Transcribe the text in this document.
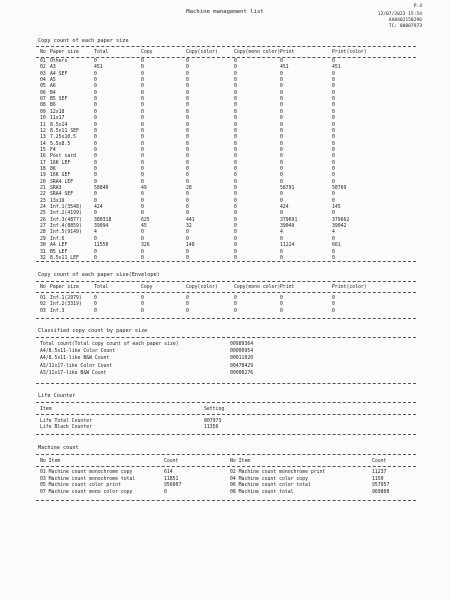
Machine management list
P.4
12/07/2023 15:54
AA0402150296
TC: 00807973
Copy count of each paper size
No Paper size	Total	Copy	Copy(color)	Copy(mono color) Print	Print(color)
01 Others	0	0	0	0	0	0
02 A3	451	0	0	0	451	451
03 A4 SEF	0	0	0	0	0	0
04 A5	0	0	0	0	0	0
05 A6	0	0	0	0	0	0
06 B4	0	0	0	0	0	0
07 B5 SEF	0	0	0	0	0	0
08 B6	0	0	0	0	0	0
09 12x18	0	0	0	0	0	0
10 11x17	0	0	0	0	0	0
11 8.5x14	0	0	0	0	0	0
12 8.5x11 SEF	0	0	0	0	0	0
13 7.25x10.5	0	0	0	0	0	0
14 5.5x8.5	0	0	0	0	0	0
15 F4	0	0	0	0	0	0
16 Post card	0	0	0	0	0	0
17 16K LEF	0	0	0	0	0	0
18 8K	0	0	0	0	0	0
19 16K SEF	0	0	0	0	0	0
20 SRA4 LEF	0	0	0	0	0	0
21 SRA3	58840	49	28	0	58791	58769
22 SRA4 SEF	0	0	0	0	0	0
23 13x19	0	0	0	0	0	0
24 Inf.1(3548)	424	0	0	0	424	145
25 Inf.2(4199)	0	0	0	0	0	0
26 Inf.3(4877)	380318	625	441	0	379691	379662
27 Inf.4(8859)	39094	45	32	0	39049	39042
28 Inf.5(9149)	4	0	0	0	4	4
29 Inf.6	0	0	0	0	0	0
30 A4 LEF	11550	326	148	0	11224	661
31 B5 LEF	0	0	0	0	0	0
32 8.5x11 LEF	0	0	0	0	0	0
Copy count of each paper size(Envelope)
No Paper size	Total	Copy	Copy(color)	Copy(mono color) Print	Print(color)
01 Inf.1(2979)	0	0	0	0	0	0
02 Inf.2(3319)	0	0	0	0	0	0
03 Inf.3	0	0	0	0	0	0
Classified copy count by paper size
Total count(Total copy count of each paper size)	00989364
A4/8.5x11-like Color Count	00000954
A4/8.5x11-like B&W Count	00011020
A3/11x17-like Color Count	00478429
A3/11x17-like B&W Count	00000276
Life Counter
Item	Setting
Life Total Counter	807973
Life Black Counter	11356
Machine count
No Item	Count	No Item	Count
01 Machine count monochrome copy	614	02 Machine count monochrome print	11237
03 Machine count monochrome total	11851	04 Machine count color copy	1150
05 Machine count color print	956807	06 Machine count color total	957957
07 Machine count mono color copy	0	08 Machine count total	969808
